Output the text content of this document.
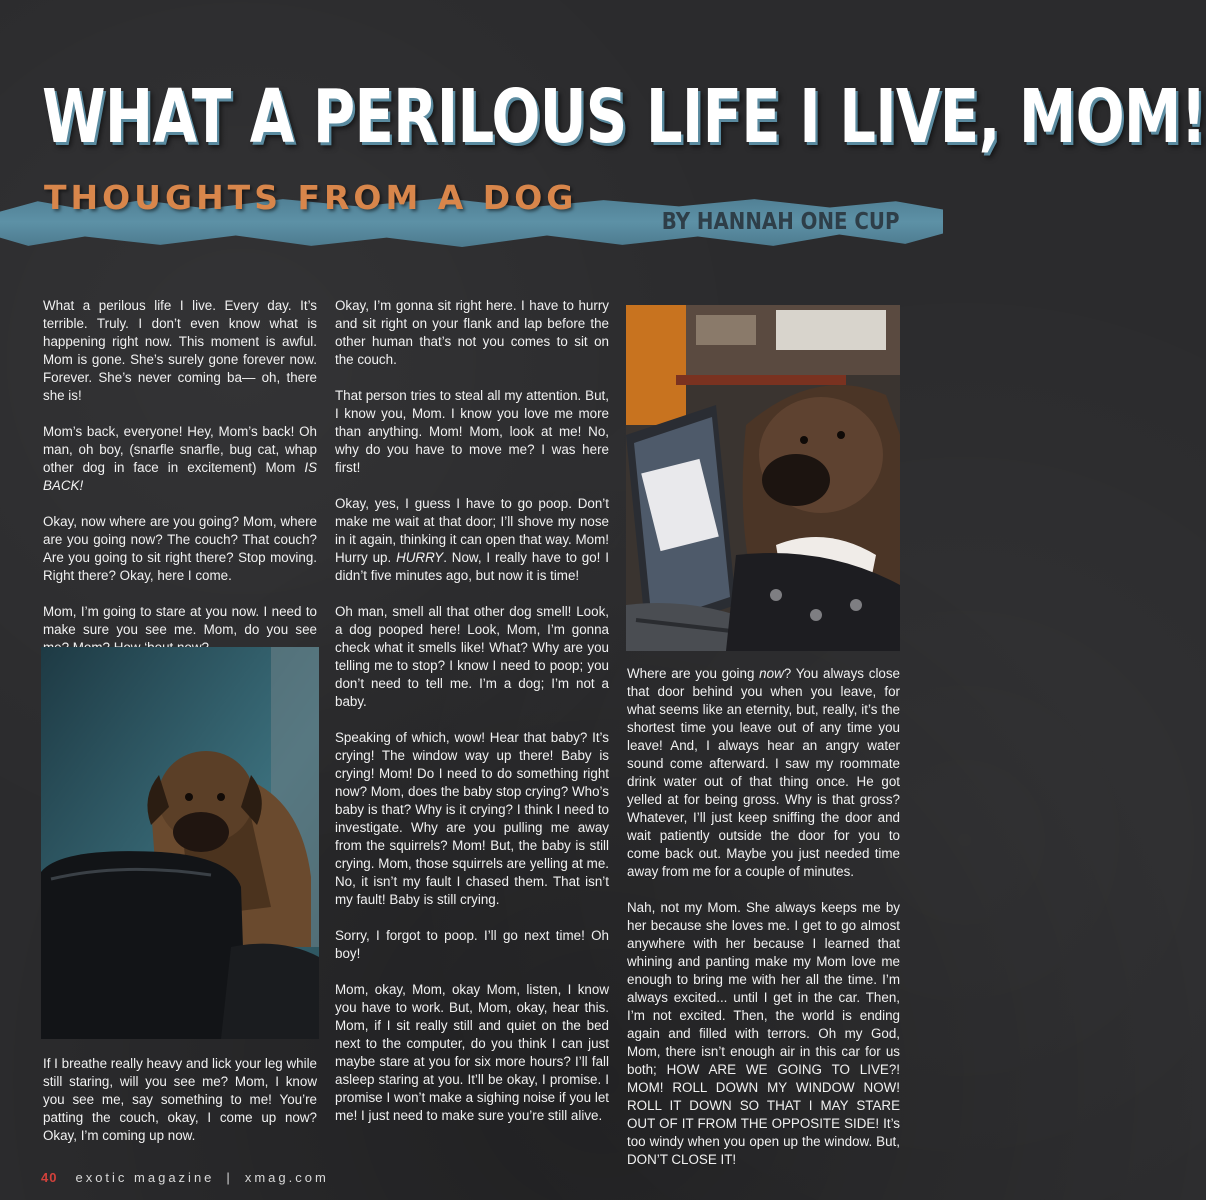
WHAT A PERILOUS LIFE I LIVE, MOM!
THOUGHTS FROM A DOG
BY HANNAH ONE CUP

What a perilous life I live. Every day. It’s terrible. Truly. I don’t even know what is happening right now. This moment is awful. Mom is gone. She’s surely gone forever now. Forever. She’s never coming ba— oh, there she is!

Mom’s back, everyone! Hey, Mom’s back! Oh man, oh boy, (snarfle snarfle, bug cat, whap other dog in face in excitement) Mom IS BACK!

Okay, now where are you going? Mom, where are you going now? The couch? That couch? Are you going to sit right there? Stop moving. Right there? Okay, here I come.

Mom, I’m going to stare at you now. I need to make sure you see me. Mom, do you see

If I breathe really heavy and lick your leg while still staring, will you see me? Mom, I know you see me, say something to me! You’re patting the couch, okay, I come up now? Okay, I’m coming up now.

Okay, I’m gonna sit right here. I have to hurry and sit right on your flank and lap before the other human that’s not you comes to sit on the couch.

That person tries to steal all my attention. But, I know you, Mom. I know you love me more than anything. Mom! Mom, look at me! No, why do you have to move me? I was here first!

Okay, yes, I guess I have to go poop. Don’t make me wait at that door; I’ll shove my nose in it again, thinking it can open that way. Mom! Hurry up. HURRY. Now, I really have to go! I didn’t five minutes ago, but now it is time!

Oh man, smell all that other dog smell! Look, a dog pooped here! Look, Mom, I’m gonna check what it smells like! What? Why are you telling me to stop? I know I need to poop; you don’t need to tell me. I’m a dog; I’m not a baby.

Speaking of which, wow! Hear that baby? It’s crying! The window way up there! Baby is crying! Mom! Do I need to do something right now? Mom, does the baby stop crying? Who’s baby is that? Why is it crying? I think I need to investigate. Why are you pulling me away from the squirrels? Mom! But, the baby is still crying. Mom, those squirrels are yelling at me. No, it isn’t my fault I chased them. That isn’t my fault! Baby is still crying.

Sorry, I forgot to poop. I’ll go next time! Oh boy!

Mom, okay, Mom, okay Mom, listen, I know you have to work. But, Mom, okay, hear this. Mom, if I sit really still and quiet on the bed next to the computer, do you think I can just maybe stare at you for six more hours? I’ll fall asleep staring at you. It’ll be okay, I promise. I promise I won’t make a sighing noise if you let me! I just need to make sure you’re still alive.

Where are you going now? You always close that door behind you when you leave, for what seems like an eternity, but, really, it’s the shortest time you leave out of any time you leave! And, I always hear an angry water sound come afterward. I saw my roommate drink water out of that thing once. He got yelled at for being gross. Why is that gross? Whatever, I’ll just keep sniffing the door and wait patiently outside the door for you to come back out. Maybe you just needed time away from me for a couple of minutes.

Nah, not my Mom. She always keeps me by her because she loves me. I get to go almost anywhere with her because I learned that whining and panting make my Mom love me enough to bring me with her all the time. I’m always excited... until I get in the car. Then, I’m not excited. Then, the world is ending again and filled with terrors. Oh my God, Mom, there isn’t enough air in this car for us both; HOW ARE WE GOING TO LIVE?! MOM! ROLL DOWN MY WINDOW NOW! ROLL IT DOWN SO THAT I MAY STARE OUT OF IT FROM THE OPPOSITE SIDE! It’s too windy when you open up the window. But, DON’T CLOSE IT!

40 exotic magazine | xmag.com
